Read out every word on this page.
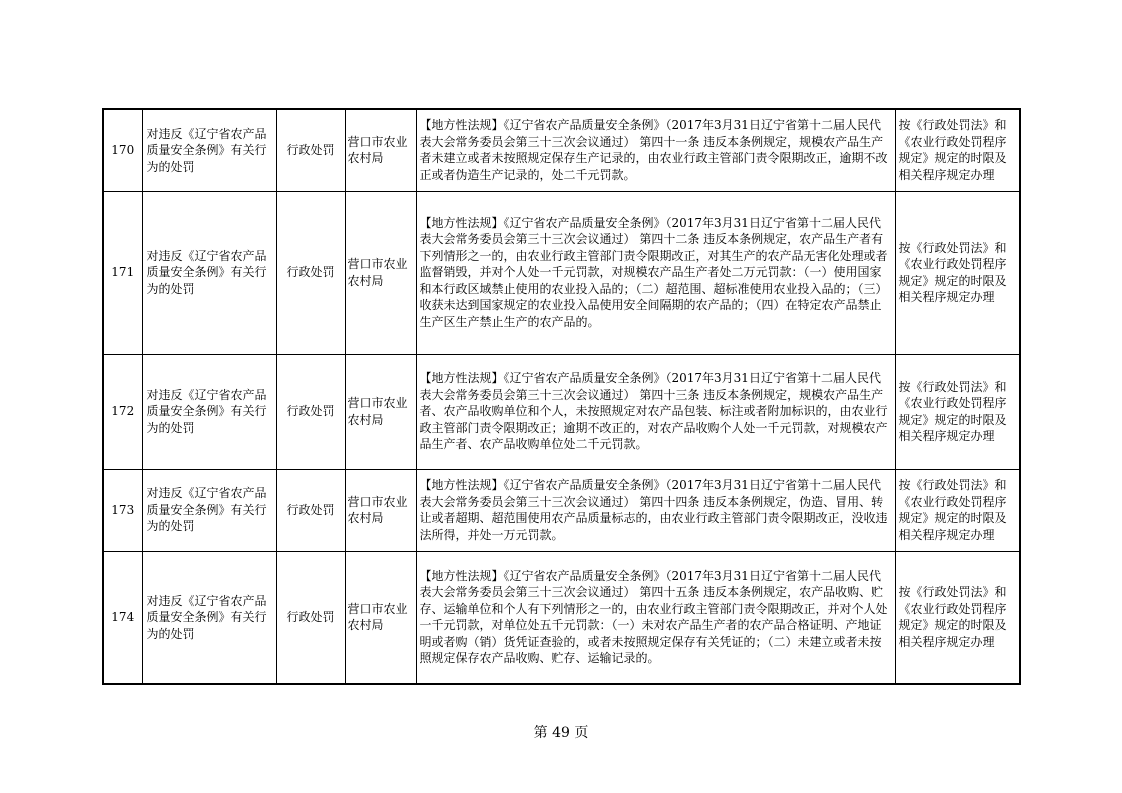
170	对违反《辽宁省农产品质量安全条例》有关行为的处罚	行政处罚	营口市农业农村局	【地方性法规】《辽宁省农产品质量安全条例》（2017年3月31日辽宁省第十二届人民代表大会常务委员会第三十三次会议通过） 第四十一条 违反本条例规定，规模农产品生产者未建立或者未按照规定保存生产记录的，由农业行政主管部门责令限期改正，逾期不改正或者伪造生产记录的，处二千元罚款。	按《行政处罚法》和《农业行政处罚程序规定》规定的时限及相关程序规定办理
171	对违反《辽宁省农产品质量安全条例》有关行为的处罚	行政处罚	营口市农业农村局	【地方性法规】《辽宁省农产品质量安全条例》（2017年3月31日辽宁省第十二届人民代表大会常务委员会第三十三次会议通过） 第四十二条 违反本条例规定，农产品生产者有下列情形之一的，由农业行政主管部门责令限期改正，对其生产的农产品无害化处理或者监督销毁，并对个人处一千元罚款，对规模农产品生产者处二万元罚款：（一）使用国家和本行政区域禁止使用的农业投入品的；（二）超范围、超标准使用农业投入品的；（三）收获未达到国家规定的农业投入品使用安全间隔期的农产品的；（四）在特定农产品禁止生产区生产禁止生产的农产品的。	按《行政处罚法》和《农业行政处罚程序规定》规定的时限及相关程序规定办理
172	对违反《辽宁省农产品质量安全条例》有关行为的处罚	行政处罚	营口市农业农村局	【地方性法规】《辽宁省农产品质量安全条例》（2017年3月31日辽宁省第十二届人民代表大会常务委员会第三十三次会议通过） 第四十三条 违反本条例规定，规模农产品生产者、农产品收购单位和个人，未按照规定对农产品包装、标注或者附加标识的，由农业行政主管部门责令限期改正；逾期不改正的，对农产品收购个人处一千元罚款，对规模农产品生产者、农产品收购单位处二千元罚款。	按《行政处罚法》和《农业行政处罚程序规定》规定的时限及相关程序规定办理
173	对违反《辽宁省农产品质量安全条例》有关行为的处罚	行政处罚	营口市农业农村局	【地方性法规】《辽宁省农产品质量安全条例》（2017年3月31日辽宁省第十二届人民代表大会常务委员会第三十三次会议通过） 第四十四条 违反本条例规定，伪造、冒用、转让或者超期、超范围使用农产品质量标志的，由农业行政主管部门责令限期改正，没收违法所得，并处一万元罚款。	按《行政处罚法》和《农业行政处罚程序规定》规定的时限及相关程序规定办理
174	对违反《辽宁省农产品质量安全条例》有关行为的处罚	行政处罚	营口市农业农村局	【地方性法规】《辽宁省农产品质量安全条例》（2017年3月31日辽宁省第十二届人民代表大会常务委员会第三十三次会议通过） 第四十五条 违反本条例规定，农产品收购、贮存、运输单位和个人有下列情形之一的，由农业行政主管部门责令限期改正，并对个人处一千元罚款，对单位处五千元罚款：（一）未对农产品生产者的农产品合格证明、产地证明或者购（销）货凭证查验的，或者未按照规定保存有关凭证的；（二）未建立或者未按照规定保存农产品收购、贮存、运输记录的。	按《行政处罚法》和《农业行政处罚程序规定》规定的时限及相关程序规定办理
第 49 页
